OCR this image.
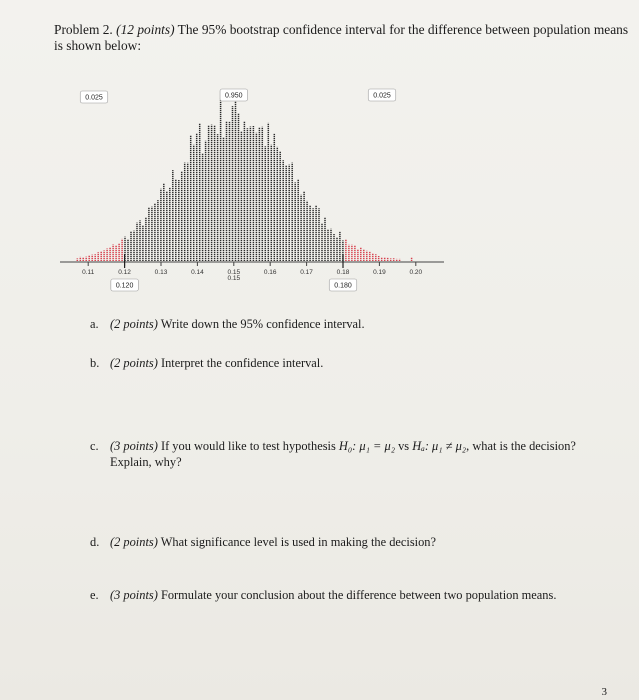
Problem 2. (12 points) The 95% bootstrap confidence interval for the difference between population means is shown below:
0.11	0.12	0.13	0.14	0.15	0.16	0.17	0.18	0.19	0.20
0.025	0.950	0.025
0.120	0.180
0.15
a. (2 points) Write down the 95% confidence interval.
b. (2 points) Interpret the confidence interval.
c. (3 points) If you would like to test hypothesis H₀: μ₁ = μ₂ vs Hₐ: μ₁ ≠ μ₂, what is the decision?
Explain, why?
d. (2 points) What significance level is used in making the decision?
e. (3 points) Formulate your conclusion about the difference between two population means.
3
